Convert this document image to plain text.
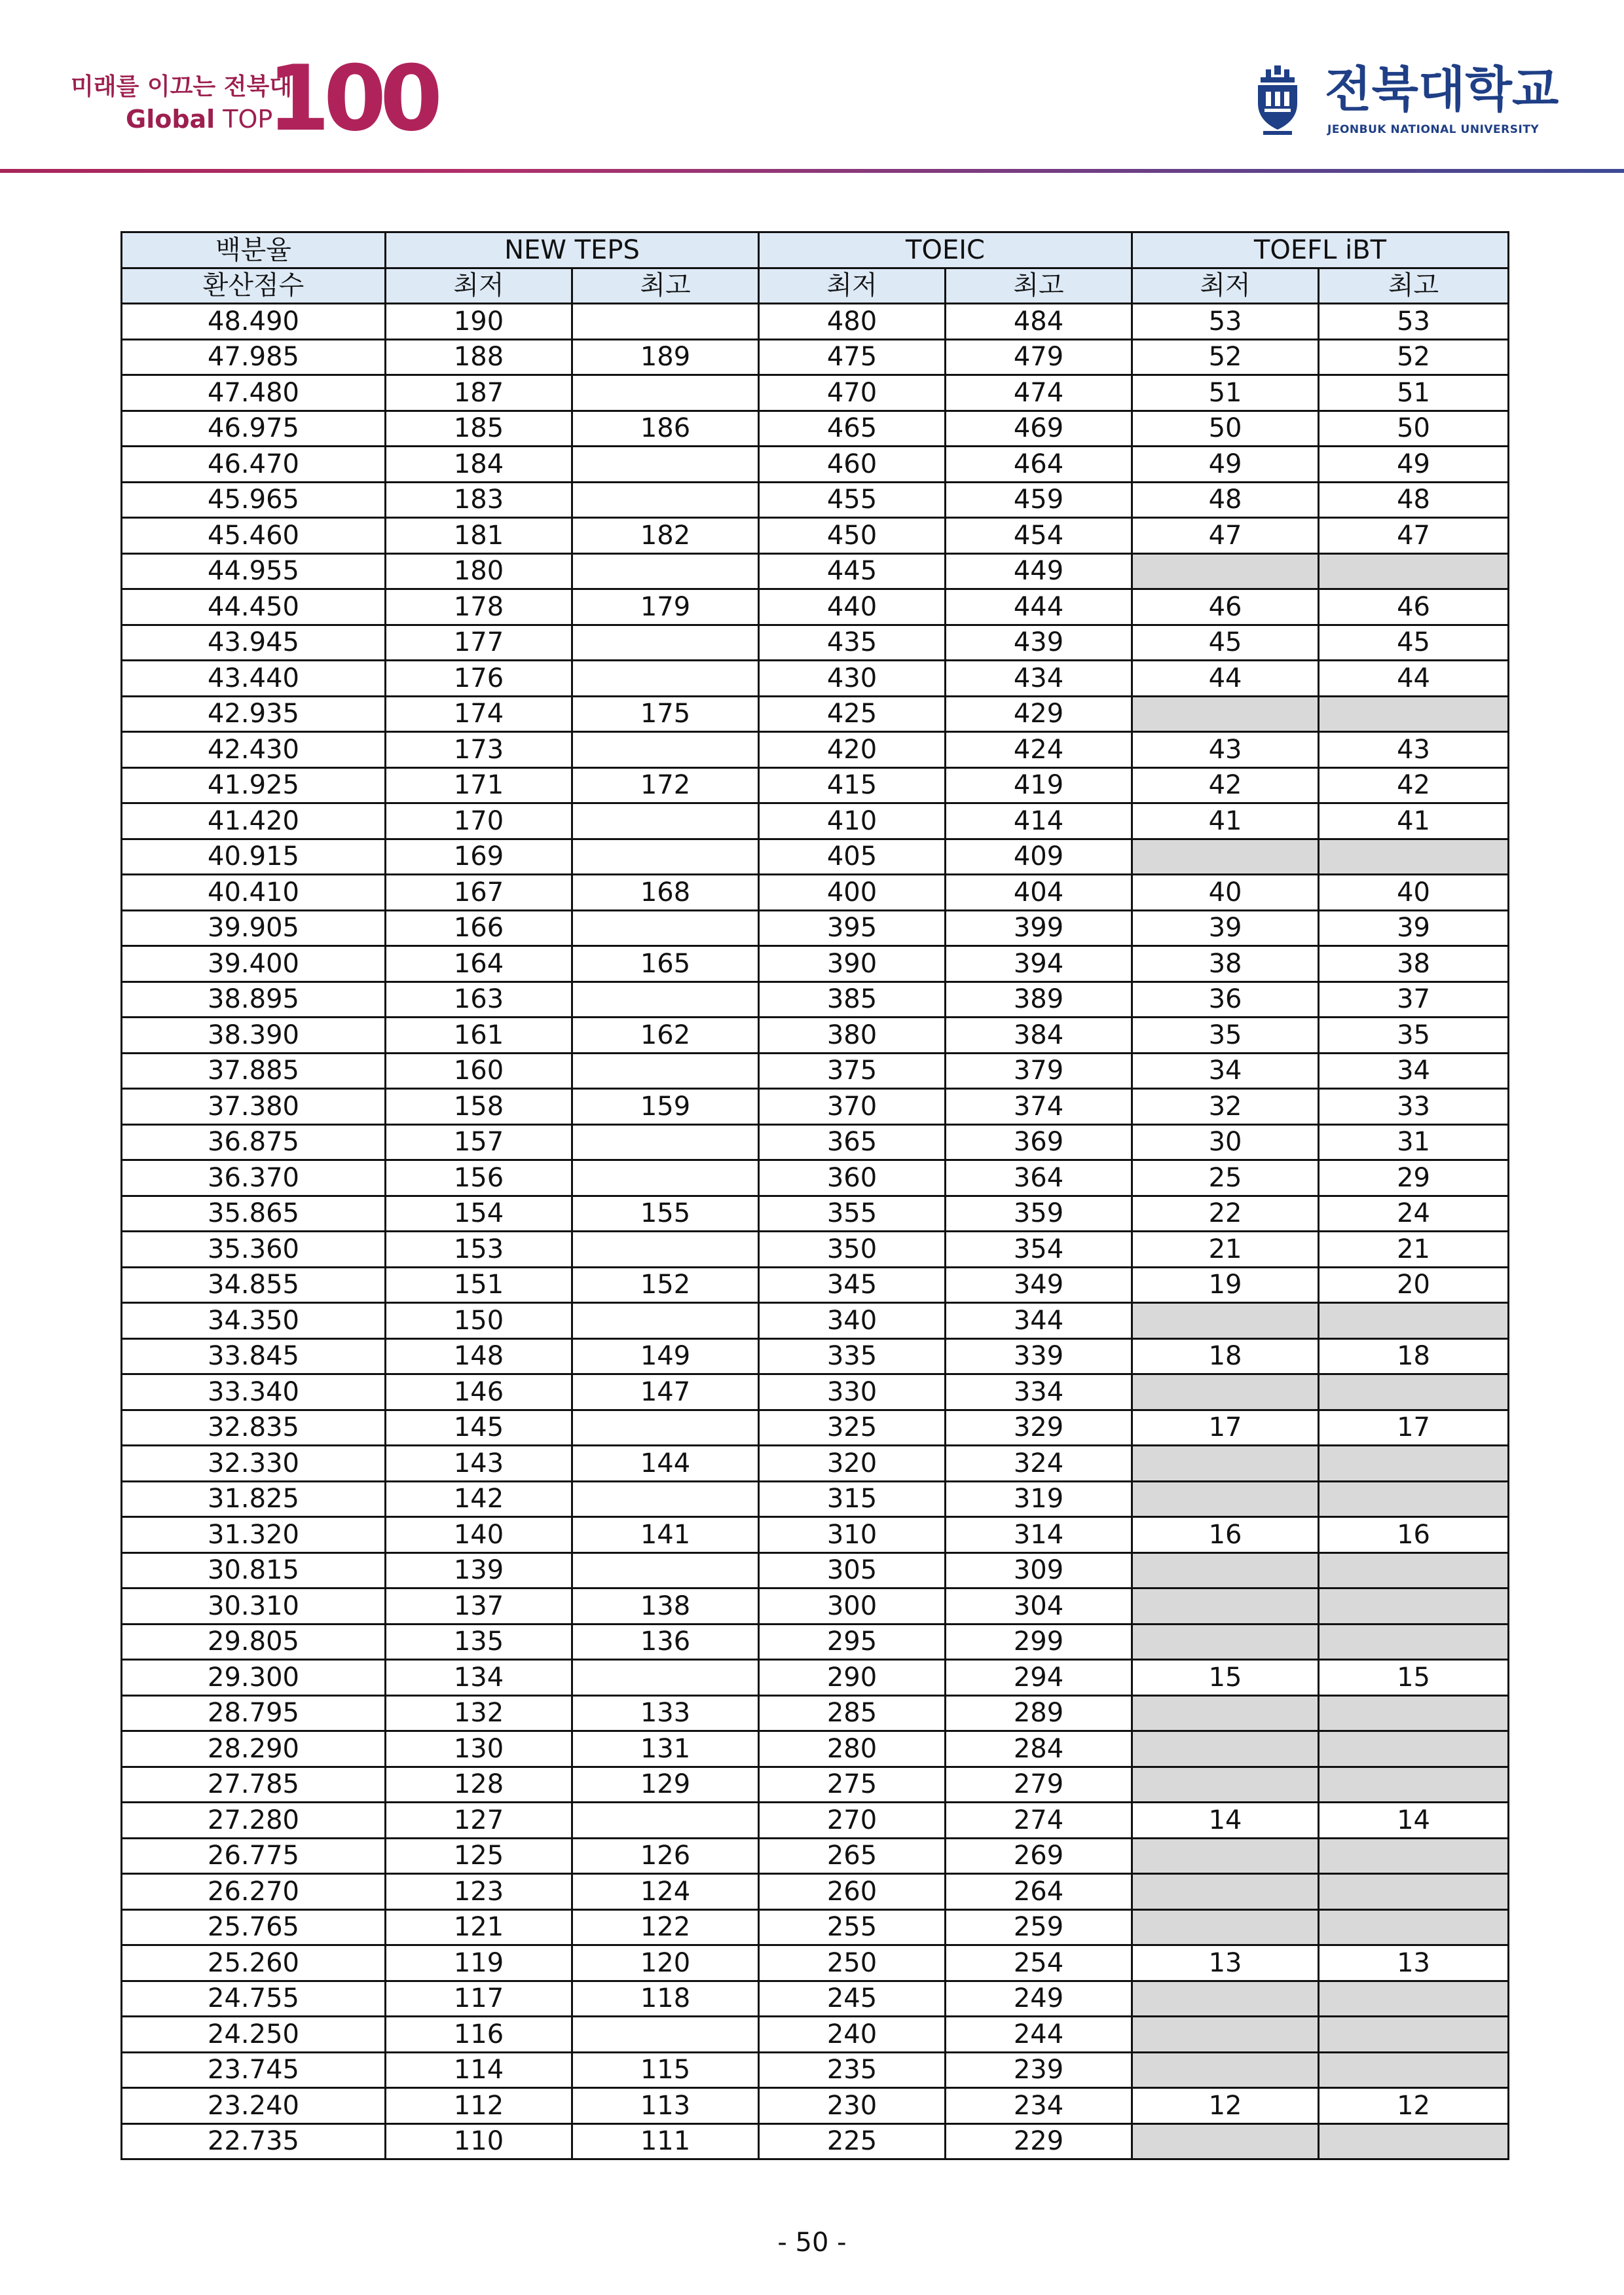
미래를 이끄는 전북대
Global TOP
100	전북대학교
JEONBUK NATIONAL UNIVERSITY
백분율	NEW TEPS		TOEIC		TOEFL iBT	
환산점수	최저	최고	최저	최고	최저	최고
48.490	190		480	484	53	53
47.985	188	189	475	479	52	52
47.480	187		470	474	51	51
46.975	185	186	465	469	50	50
46.470	184		460	464	49	49
45.965	183		455	459	48	48
45.460	181	182	450	454	47	47
44.955	180		445	449		
44.450	178	179	440	444	46	46
43.945	177		435	439	45	45
43.440	176		430	434	44	44
42.935	174	175	425	429		
42.430	173		420	424	43	43
41.925	171	172	415	419	42	42
41.420	170		410	414	41	41
40.915	169		405	409		
40.410	167	168	400	404	40	40
39.905	166		395	399	39	39
39.400	164	165	390	394	38	38
38.895	163		385	389	36	37
38.390	161	162	380	384	35	35
37.885	160		375	379	34	34
37.380	158	159	370	374	32	33
36.875	157		365	369	30	31
36.370	156		360	364	25	29
35.865	154	155	355	359	22	24
35.360	153		350	354	21	21
34.855	151	152	345	349	19	20
34.350	150		340	344		
33.845	148	149	335	339	18	18
33.340	146	147	330	334		
32.835	145		325	329	17	17
32.330	143	144	320	324		
31.825	142		315	319		
31.320	140	141	310	314	16	16
30.815	139		305	309		
30.310	137	138	300	304		
29.805	135	136	295	299		
29.300	134		290	294	15	15
28.795	132	133	285	289		
28.290	130	131	280	284		
27.785	128	129	275	279		
27.280	127		270	274	14	14
26.775	125	126	265	269		
26.270	123	124	260	264		
25.765	121	122	255	259		
25.260	119	120	250	254	13	13
24.755	117	118	245	249		
24.250	116		240	244		
23.745	114	115	235	239		
23.240	112	113	230	234	12	12
22.735	110	111	225	229		
- 50 -
